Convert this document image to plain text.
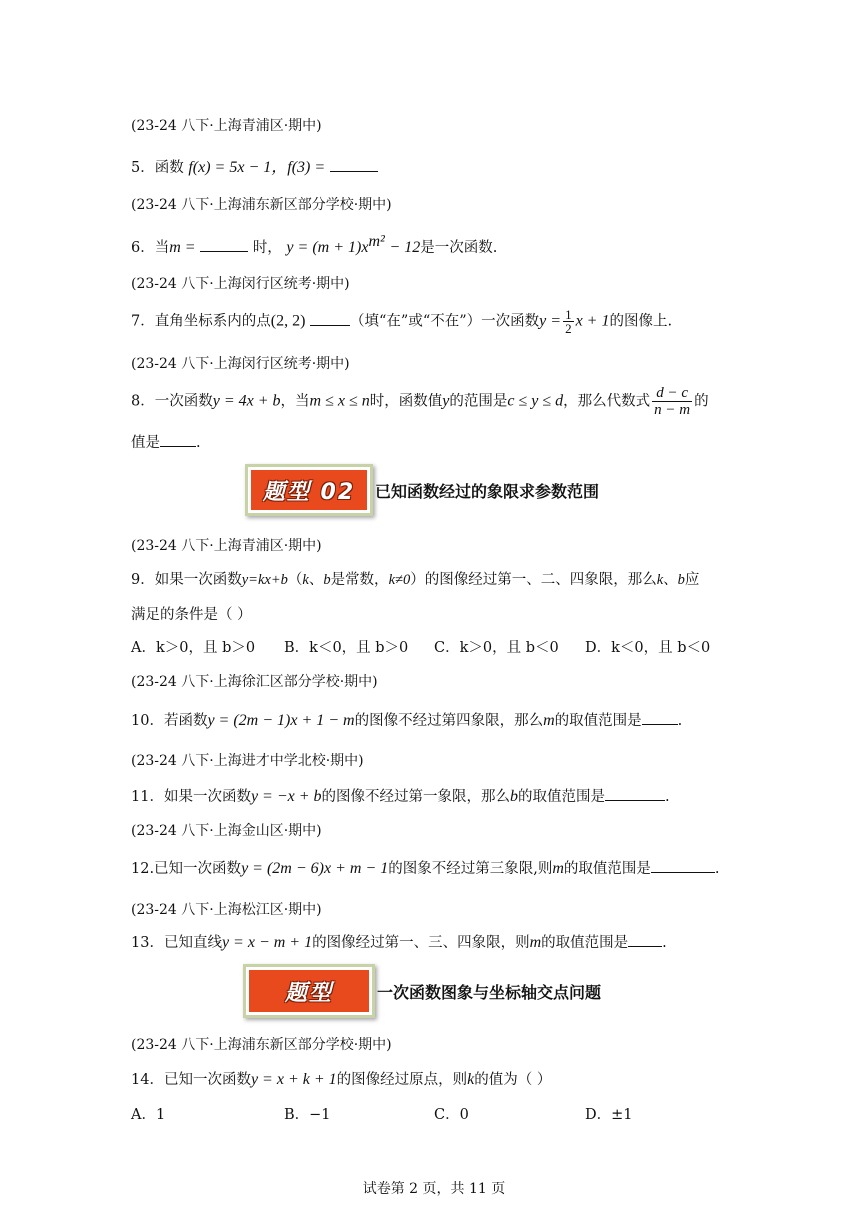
(23-24 八下·上海青浦区·期中)
5．函数 f(x) = 5x − 1，f(3) =
(23-24 八下·上海浦东新区部分学校·期中)
6．当m =	时， $y = (m + 1)x^{m^2} - 12$是一次函数.
(23-24 八下·上海闵行区统考·期中)
7．直角坐标系内的点(2, 2)	（填“在”或“不在”）一次函数$y = \frac{1}{2}$ x + 1的图像上.
(23-24 八下·上海闵行区统考·期中)
8．一次函数y = 4x + b，当m ≤ x ≤ n时，函数值y的范围是c ≤ y ≤ d，那么代数式 $\frac{d - c}{n - m}$ 的
值是 .
题型 02	已知函数经过的象限求参数范围
(23-24 八下·上海青浦区·期中)
9．如果一次函数y=kx+b（k、b是常数，k≠0）的图像经过第一、二、四象限，那么k、b应
满足的条件是（ ）
A．k＞0，且 b＞0 B．k＜0，且 b＞0 C．k＞0，且 b＜0 D．k＜0，且 b＜0
(23-24 八下·上海徐汇区部分学校·期中)
10．若函数y = (2m − 1)x + 1 − m的图像不经过第四象限，那么m的取值范围是 .
(23-24 八下·上海进才中学北校·期中)
11．如果一次函数y = −x + b的图像不经过第一象限，那么b的取值范围是	.
(23-24 八下·上海金山区·期中)
12.已知一次函数y = (2m − 6)x + m − 1的图象不经过第三象限,则m的取值范围是	.
(23-24 八下·上海松江区·期中)
13．已知直线y = x − m + 1的图像经过第一、三、四象限，则m的取值范围是 .
题型	一次函数图象与坐标轴交点问题
(23-24 八下·上海浦东新区部分学校·期中)
14．已知一次函数y = x + k + 1的图像经过原点，则k的值为（ ）
A．1	B．−1	C．0	D．±1
试卷第 2 页，共 11 页
